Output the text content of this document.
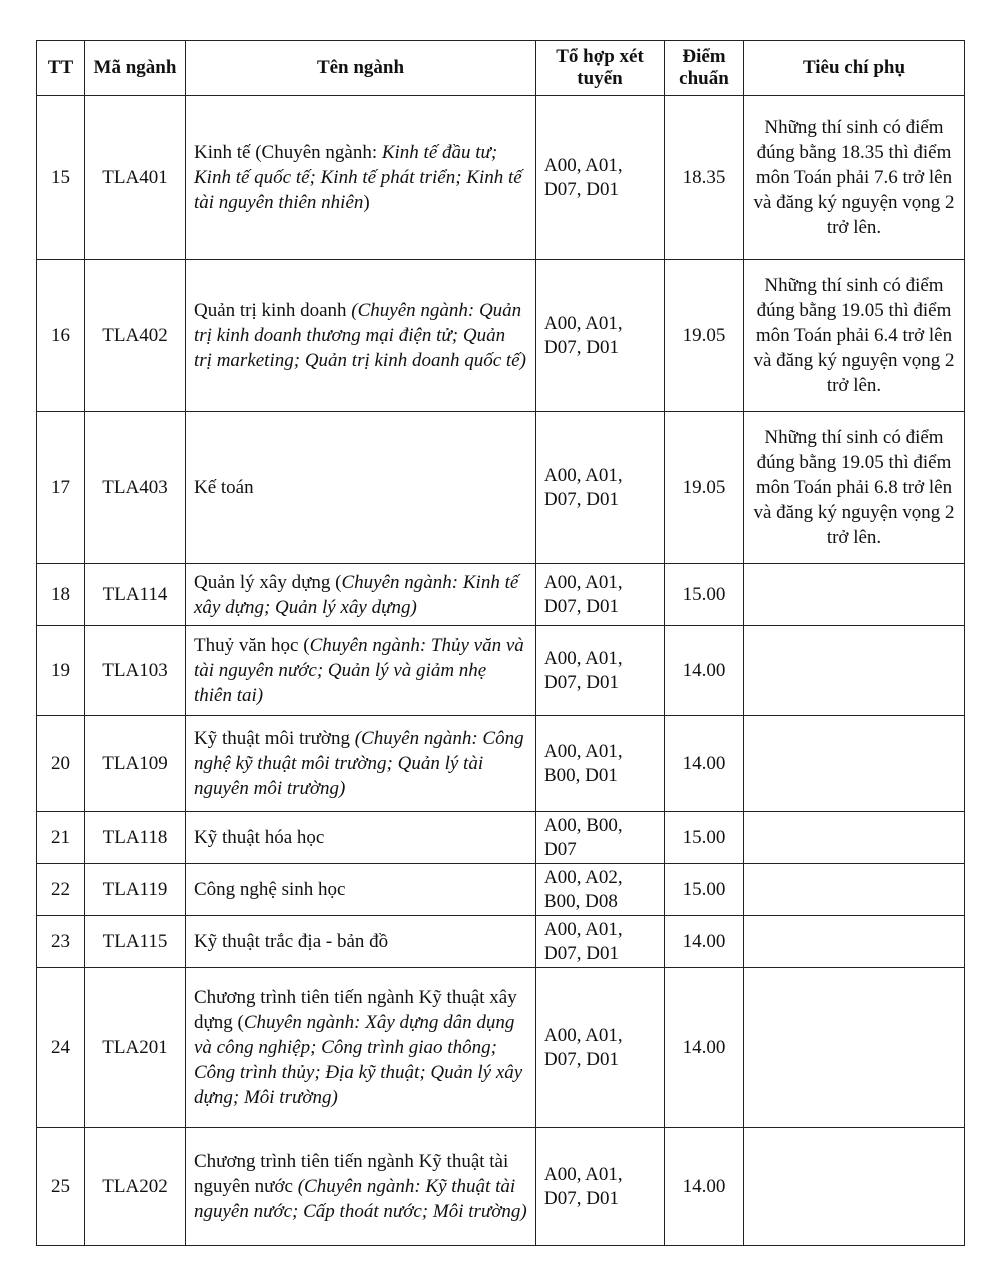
TT	Mã ngành	Tên ngành	Tổ hợp xét tuyển	Điểm chuẩn	Tiêu chí phụ
15	TLA401	Kinh tế (Chuyên ngành: Kinh tế đầu tư; Kinh tế quốc tế; Kinh tế phát triển; Kinh tế tài nguyên thiên nhiên)	A00, A01, D07, D01	18.35	Những thí sinh có điểm đúng bằng 18.35 thì điểm môn Toán phải 7.6 trở lên và đăng ký nguyện vọng 2 trở lên.
16	TLA402	Quản trị kinh doanh (Chuyên ngành: Quản trị kinh doanh thương mại điện tử; Quản trị marketing; Quản trị kinh doanh quốc tế)	A00, A01, D07, D01	19.05	Những thí sinh có điểm đúng bằng 19.05 thì điểm môn Toán phải 6.4 trở lên và đăng ký nguyện vọng 2 trở lên.
17	TLA403	Kế toán	A00, A01, D07, D01	19.05	Những thí sinh có điểm đúng bằng 19.05 thì điểm môn Toán phải 6.8 trở lên và đăng ký nguyện vọng 2 trở lên.
18	TLA114	Quản lý xây dựng (Chuyên ngành: Kinh tế xây dựng; Quản lý xây dựng)	A00, A01, D07, D01	15.00	
19	TLA103	Thuỷ văn học (Chuyên ngành: Thủy văn và tài nguyên nước; Quản lý và giảm nhẹ thiên tai)	A00, A01, D07, D01	14.00	
20	TLA109	Kỹ thuật môi trường (Chuyên ngành: Công nghệ kỹ thuật môi trường; Quản lý tài nguyên môi trường)	A00, A01, B00, D01	14.00	
21	TLA118	Kỹ thuật hóa học	A00, B00, D07	15.00	
22	TLA119	Công nghệ sinh học	A00, A02, B00, D08	15.00	
23	TLA115	Kỹ thuật trắc địa - bản đồ	A00, A01, D07, D01	14.00	
24	TLA201	Chương trình tiên tiến ngành Kỹ thuật xây dựng (Chuyên ngành: Xây dựng dân dụng và công nghiệp; Công trình giao thông; Công trình thủy; Địa kỹ thuật; Quản lý xây dựng; Môi trường)	A00, A01, D07, D01	14.00	
25	TLA202	Chương trình tiên tiến ngành Kỹ thuật tài nguyên nước (Chuyên ngành: Kỹ thuật tài nguyên nước; Cấp thoát nước; Môi trường)	A00, A01, D07, D01	14.00	
